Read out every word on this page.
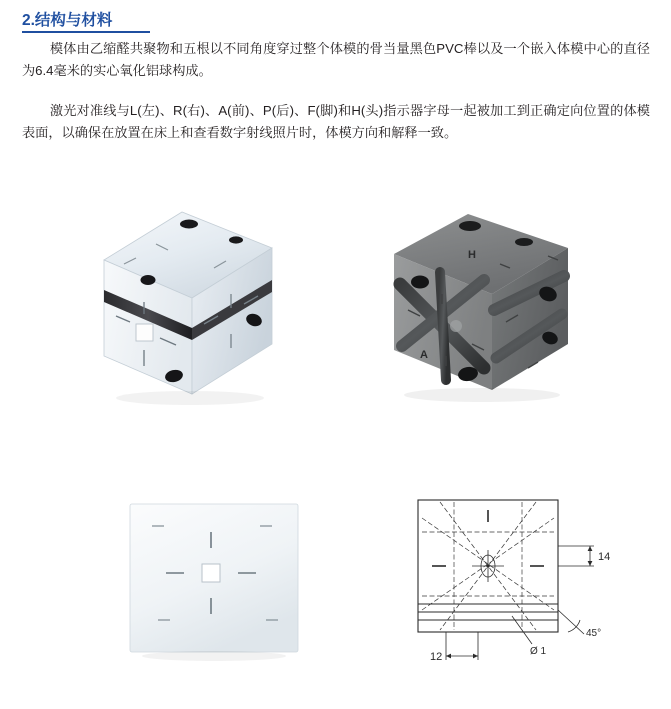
2.结构与材料
模体由乙缩醛共聚物和五根以不同角度穿过整个体模的骨当量黑色PVC棒以及一个嵌入体模中心的直径为6.4毫米的实心氧化铝球构成。
激光对准线与L(左)、R(右)、A(前)、P(后)、F(脚)和H(头)指示器字母一起被加工到正确定向位置的体模表面，以确保在放置在床上和查看数字射线照片时，体模方向和解释一致。
H
A
14
45°
12	Ø 1
